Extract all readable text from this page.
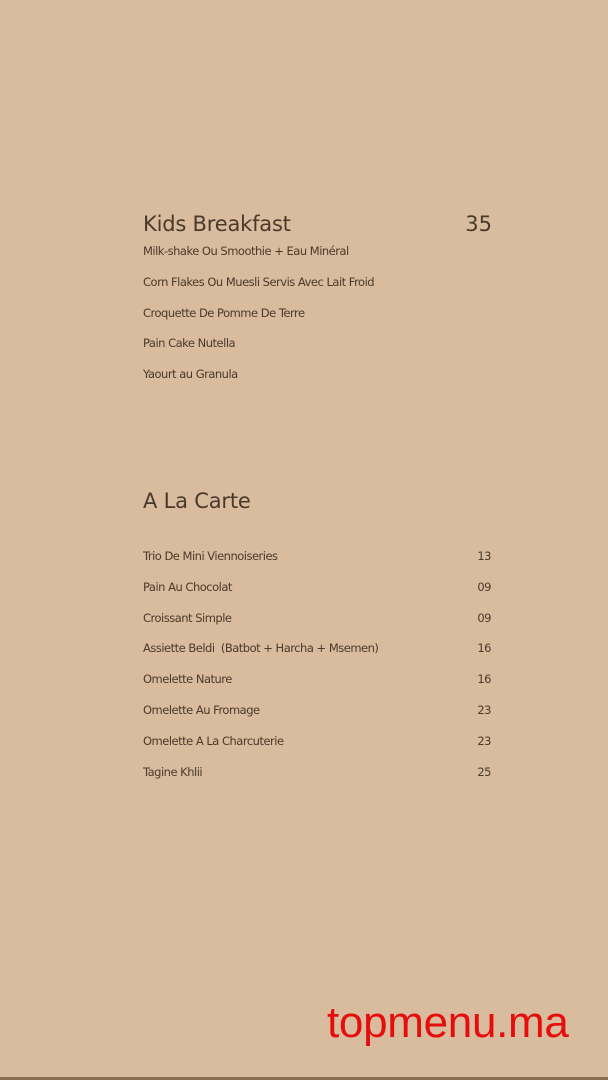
Kids Breakfast	35
Milk-shake Ou Smoothie + Eau Minéral
Corn Flakes Ou Muesli Servis Avec Lait Froid
Croquette De Pomme De Terre
Pain Cake Nutella
Yaourt au Granula
A La Carte
Trio De Mini Viennoiseries	13
Pain Au Chocolat	09
Croissant Simple	09
Assiette Beldi  (Batbot + Harcha + Msemen)	16
Omelette Nature	16
Omelette Au Fromage	23
Omelette A La Charcuterie	23
Tagine Khlii	25
topmenu.ma
